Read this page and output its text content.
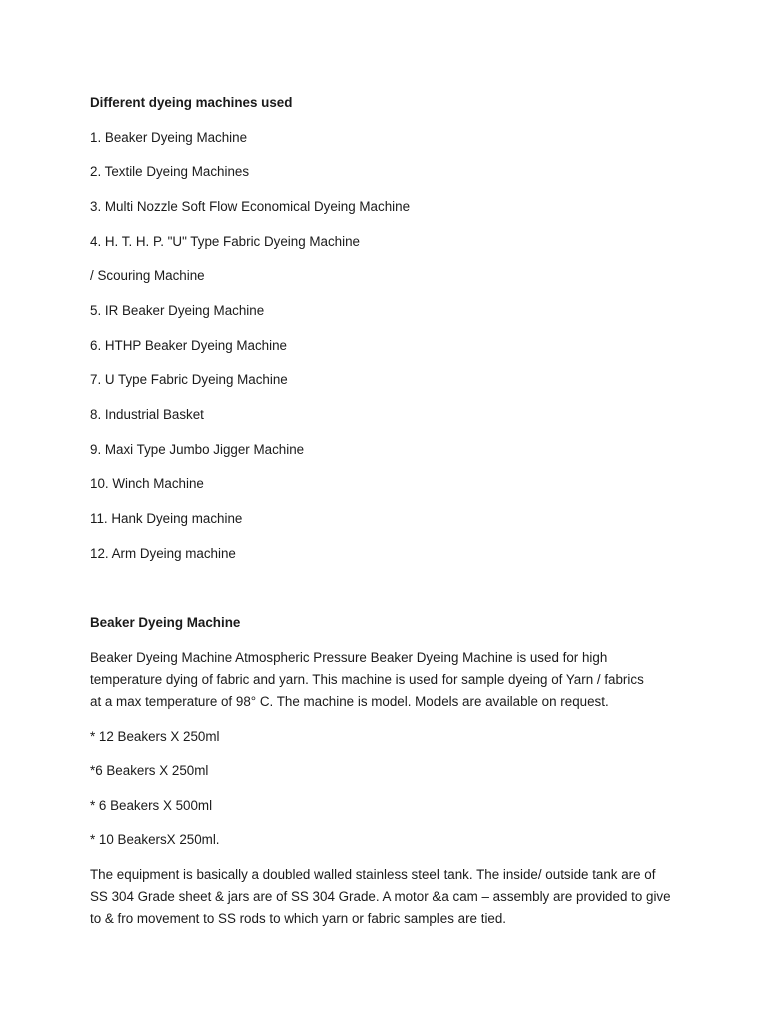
Different dyeing machines used

1. Beaker Dyeing Machine

2. Textile Dyeing Machines

3. Multi Nozzle Soft Flow Economical Dyeing Machine

4. H. T. H. P. "U" Type Fabric Dyeing Machine

/ Scouring Machine

5. IR Beaker Dyeing Machine

6. HTHP Beaker Dyeing Machine

7. U Type Fabric Dyeing Machine

8. Industrial Basket

9. Maxi Type Jumbo Jigger Machine

10. Winch Machine

11. Hank Dyeing machine

12. Arm Dyeing machine

Beaker Dyeing Machine

Beaker Dyeing Machine Atmospheric Pressure Beaker Dyeing Machine is used for high

temperature dying of fabric and yarn. This machine is used for sample dyeing of Yarn / fabrics

at a max temperature of 98° C. The machine is model. Models are available on request.

* 12 Beakers X 250ml

*6 Beakers X 250ml

* 6 Beakers X 500ml

* 10 BeakersX 250ml.

The equipment is basically a doubled walled stainless steel tank. The inside/ outside tank are of

SS 304 Grade sheet & jars are of SS 304 Grade. A motor &a cam – assembly are provided to give

to & fro movement to SS rods to which yarn or fabric samples are tied.
